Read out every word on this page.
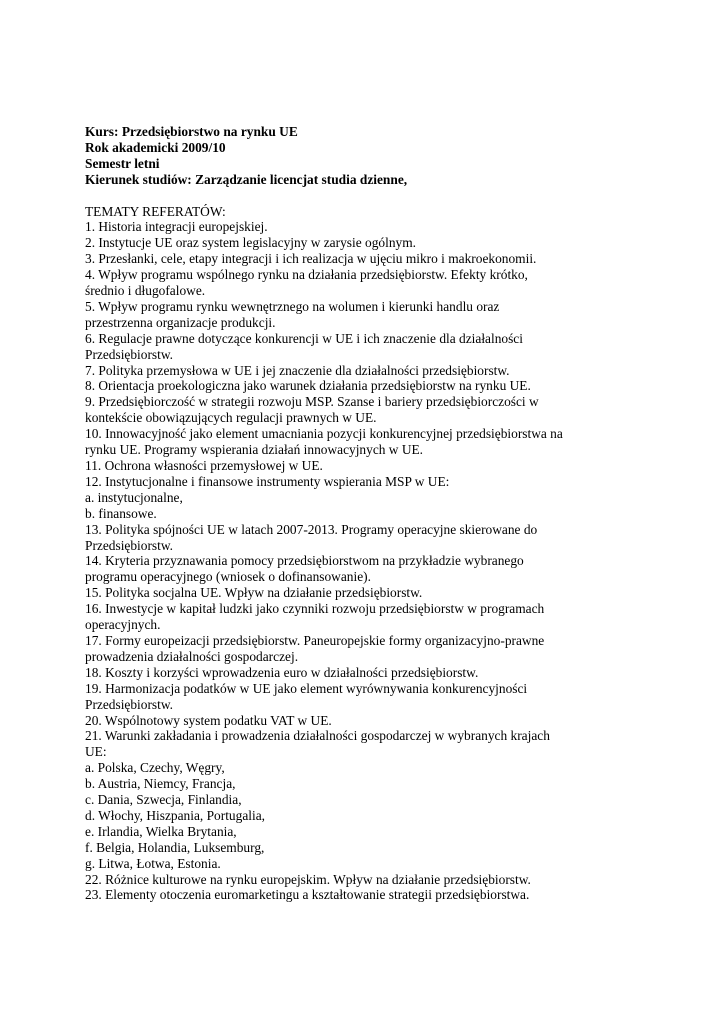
Kurs: Przedsiębiorstwo na rynku UE
Rok akademicki 2009/10
Semestr letni
Kierunek studiów: Zarządzanie licencjat studia dzienne,
TEMATY REFERATÓW:
1. Historia integracji europejskiej.
2. Instytucje UE oraz system legislacyjny w zarysie ogólnym.
3. Przesłanki, cele, etapy integracji i ich realizacja w ujęciu mikro i makroekonomii.
4. Wpływ programu wspólnego rynku na działania przedsiębiorstw. Efekty krótko,
średnio i długofalowe.
5. Wpływ programu rynku wewnętrznego na wolumen i kierunki handlu oraz
przestrzenna organizacje produkcji.
6. Regulacje prawne dotyczące konkurencji w UE i ich znaczenie dla działalności
Przedsiębiorstw.
7. Polityka przemysłowa w UE i jej znaczenie dla działalności przedsiębiorstw.
8. Orientacja proekologiczna jako warunek działania przedsiębiorstw na rynku UE.
9. Przedsiębiorczość w strategii rozwoju MSP. Szanse i bariery przedsiębiorczości w
kontekście obowiązujących regulacji prawnych w UE.
10. Innowacyjność jako element umacniania pozycji konkurencyjnej przedsiębiorstwa na
rynku UE. Programy wspierania działań innowacyjnych w UE.
11. Ochrona własności przemysłowej w UE.
12. Instytucjonalne i finansowe instrumenty wspierania MSP w UE:
a. instytucjonalne,
b. finansowe.
13. Polityka spójności UE w latach 2007-2013. Programy operacyjne skierowane do
Przedsiębiorstw.
14. Kryteria przyznawania pomocy przedsiębiorstwom na przykładzie wybranego
programu operacyjnego (wniosek o dofinansowanie).
15. Polityka socjalna UE. Wpływ na działanie przedsiębiorstw.
16. Inwestycje w kapitał ludzki jako czynniki rozwoju przedsiębiorstw w programach
operacyjnych.
17. Formy europeizacji przedsiębiorstw. Paneuropejskie formy organizacyjno-prawne
prowadzenia działalności gospodarczej.
18. Koszty i korzyści wprowadzenia euro w działalności przedsiębiorstw.
19. Harmonizacja podatków w UE jako element wyrównywania konkurencyjności
Przedsiębiorstw.
20. Wspólnotowy system podatku VAT w UE.
21. Warunki zakładania i prowadzenia działalności gospodarczej w wybranych krajach
UE:
a. Polska, Czechy, Węgry,
b. Austria, Niemcy, Francja,
c. Dania, Szwecja, Finlandia,
d. Włochy, Hiszpania, Portugalia,
e. Irlandia, Wielka Brytania,
f. Belgia, Holandia, Luksemburg,
g. Litwa, Łotwa, Estonia.
22. Różnice kulturowe na rynku europejskim. Wpływ na działanie przedsiębiorstw.
23. Elementy otoczenia euromarketingu a kształtowanie strategii przedsiębiorstwa.
